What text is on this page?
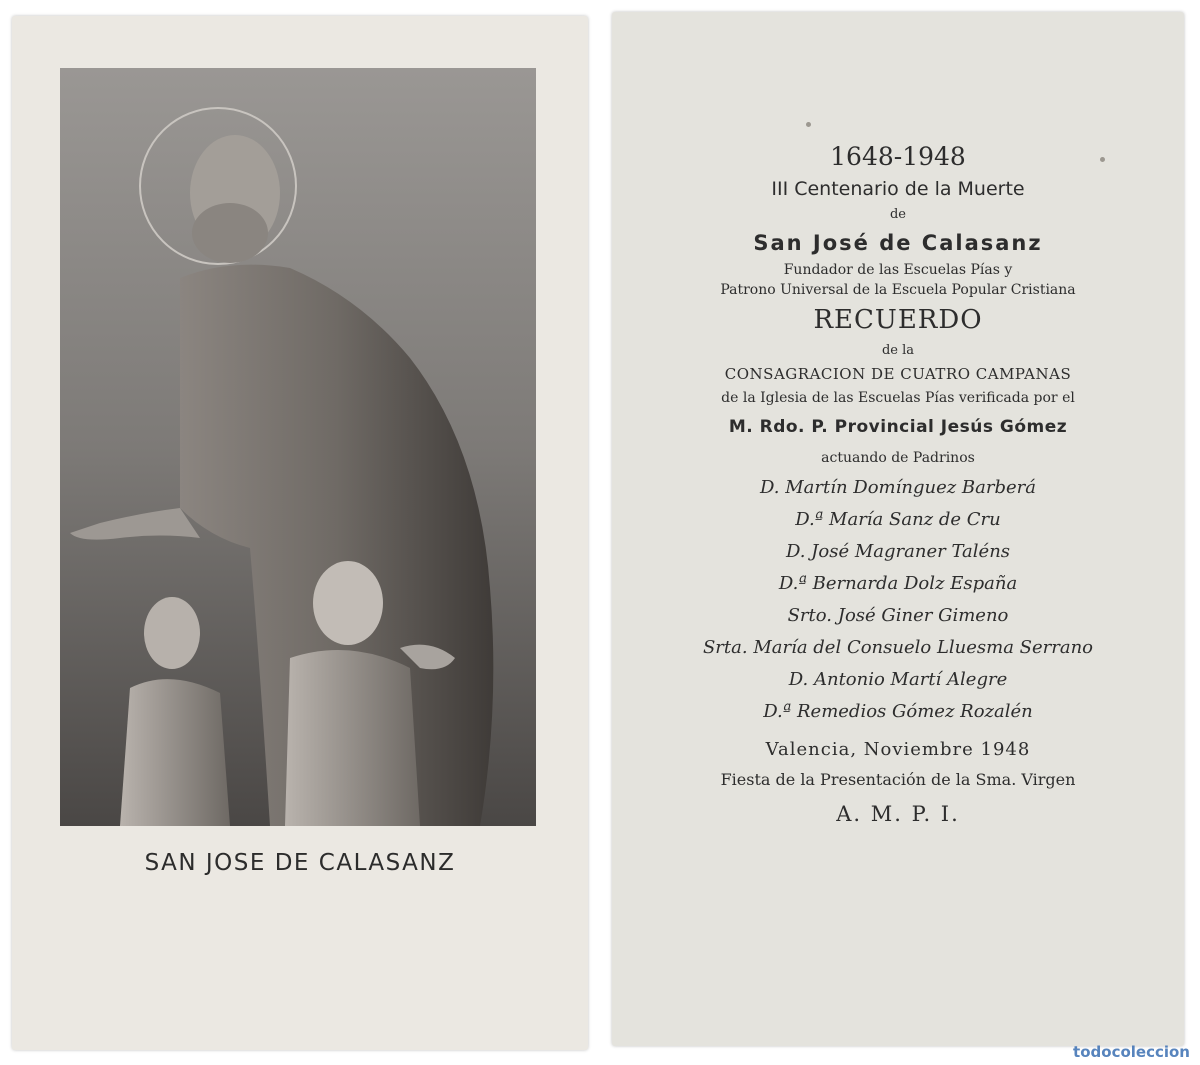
SAN JOSE DE CALASANZ
1648-1948
III Centenario de la Muerte
de
San José de Calasanz
Fundador de las Escuelas Pías y
Patrono Universal de la Escuela Popular Cristiana
RECUERDO
de la
CONSAGRACION DE CUATRO CAMPANAS
de la Iglesia de las Escuelas Pías verificada por el
M. Rdo. P. Provincial Jesús Gómez
actuando de Padrinos
D. Martín Domínguez Barberá
D.ª María Sanz de Cru
D. José Magraner Taléns
D.ª Bernarda Dolz España
Srto. José Giner Gimeno
Srta. María del Consuelo Lluesma Serrano
D. Antonio Martí Alegre
D.ª Remedios Gómez Rozalén
Valencia, Noviembre 1948
Fiesta de la Presentación de la Sma. Virgen
A. M. P. I.
todocoleccion
